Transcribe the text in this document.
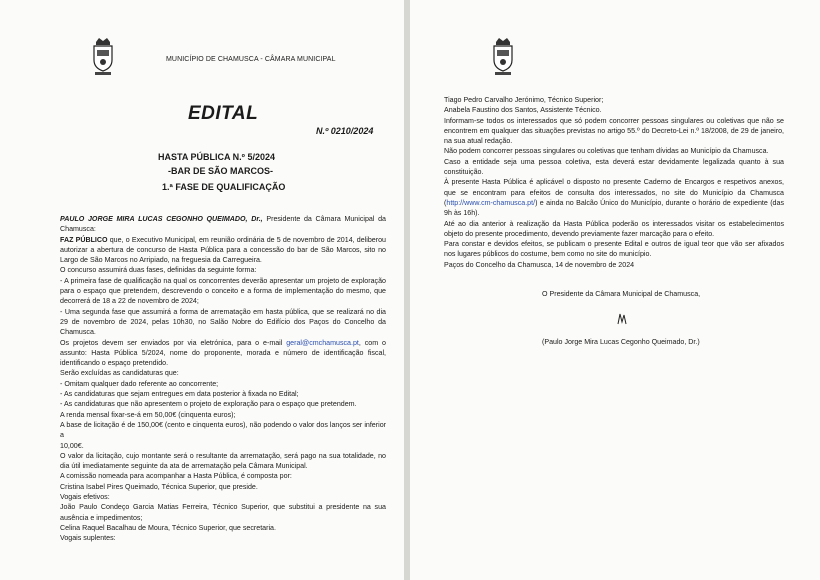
MUNICÍPIO DE CHAMUSCA - CÂMARA MUNICIPAL
EDITAL
N.º 0210/2024
HASTA PÚBLICA N.º 5/2024
-BAR DE SÃO MARCOS-
1.ª FASE DE QUALIFICAÇÃO

PAULO JORGE MIRA LUCAS CEGONHO QUEIMADO, Dr., Presidente da Câmara Municipal da Chamusca:

FAZ PÚBLICO que, o Executivo Municipal, em reunião ordinária de 5 de novembro de 2014, deliberou autorizar a abertura de concurso de Hasta Pública para a concessão do bar de São Marcos, sito no Largo de São Marcos no Arripiado, na freguesia da Carregueira.

O concurso assumirá duas fases, definidas da seguinte forma:

- A primeira fase de qualificação na qual os concorrentes deverão apresentar um projeto de exploração para o espaço que pretendem, descrevendo o conceito e a forma de implementação do mesmo, que decorrerá de 18 a 22 de novembro de 2024;

- Uma segunda fase que assumirá a forma de arrematação em hasta pública, que se realizará no dia 29 de novembro de 2024, pelas 10h30, no Salão Nobre do Edifício dos Paços do Concelho da Chamusca.

Os projetos devem ser enviados por via eletrónica, para o e-mail geral@cmchamusca.pt, com o assunto: Hasta Pública 5/2024, nome do proponente, morada e número de identificação fiscal, identificando o espaço pretendido.

Serão excluídas as candidaturas que:

- Omitam qualquer dado referente ao concorrente;

- As candidaturas que sejam entregues em data posterior à fixada no Edital;

- As candidaturas que não apresentem o projeto de exploração para o espaço que pretendem.

A renda mensal fixar-se-á em 50,00€ (cinquenta euros);

A base de licitação é de 150,00€ (cento e cinquenta euros), não podendo o valor dos lanços ser inferior a

10,00€.

O valor da licitação, cujo montante será o resultante da arrematação, será pago na sua totalidade, no dia útil imediatamente seguinte da ata de arrematação pela Câmara Municipal.

A comissão nomeada para acompanhar a Hasta Pública, é composta por:

Cristina Isabel Pires Queimado, Técnica Superior, que preside.

Vogais efetivos:

João Paulo Condeço Garcia Matias Ferreira, Técnico Superior, que substitui a presidente na sua ausência e impedimentos;

Celina Raquel Bacalhau de Moura, Técnico Superior, que secretaria.

Vogais suplentes:

Tiago Pedro Carvalho Jerónimo, Técnico Superior;

Anabela Faustino dos Santos, Assistente Técnico.

Informam-se todos os interessados que só podem concorrer pessoas singulares ou coletivas que não se encontrem em qualquer das situações previstas no artigo 55.º do Decreto-Lei n.º 18/2008, de 29 de janeiro, na sua atual redação.

Não podem concorrer pessoas singulares ou coletivas que tenham dívidas ao Município da Chamusca.

Caso a entidade seja uma pessoa coletiva, esta deverá estar devidamente legalizada quanto à sua constituição.

À presente Hasta Pública é aplicável o disposto no presente Caderno de Encargos e respetivos anexos, que se encontram para efeitos de consulta dos interessados, no site do Município da Chamusca (http://www.cm-chamusca.pt/) e ainda no Balcão Único do Município, durante o horário de expediente (das 9h às 16h).

Até ao dia anterior à realização da Hasta Pública poderão os interessados visitar os estabelecimentos objeto do presente procedimento, devendo previamente fazer marcação para o efeito.

Para constar e devidos efeitos, se publicam o presente Edital e outros de igual teor que vão ser afixados nos lugares públicos do costume, bem como no site do município.

Paços do Concelho da Chamusca, 14 de novembro de 2024

O Presidente da Câmara Municipal de Chamusca,
(Paulo Jorge Mira Lucas Cegonho Queimado, Dr.)
